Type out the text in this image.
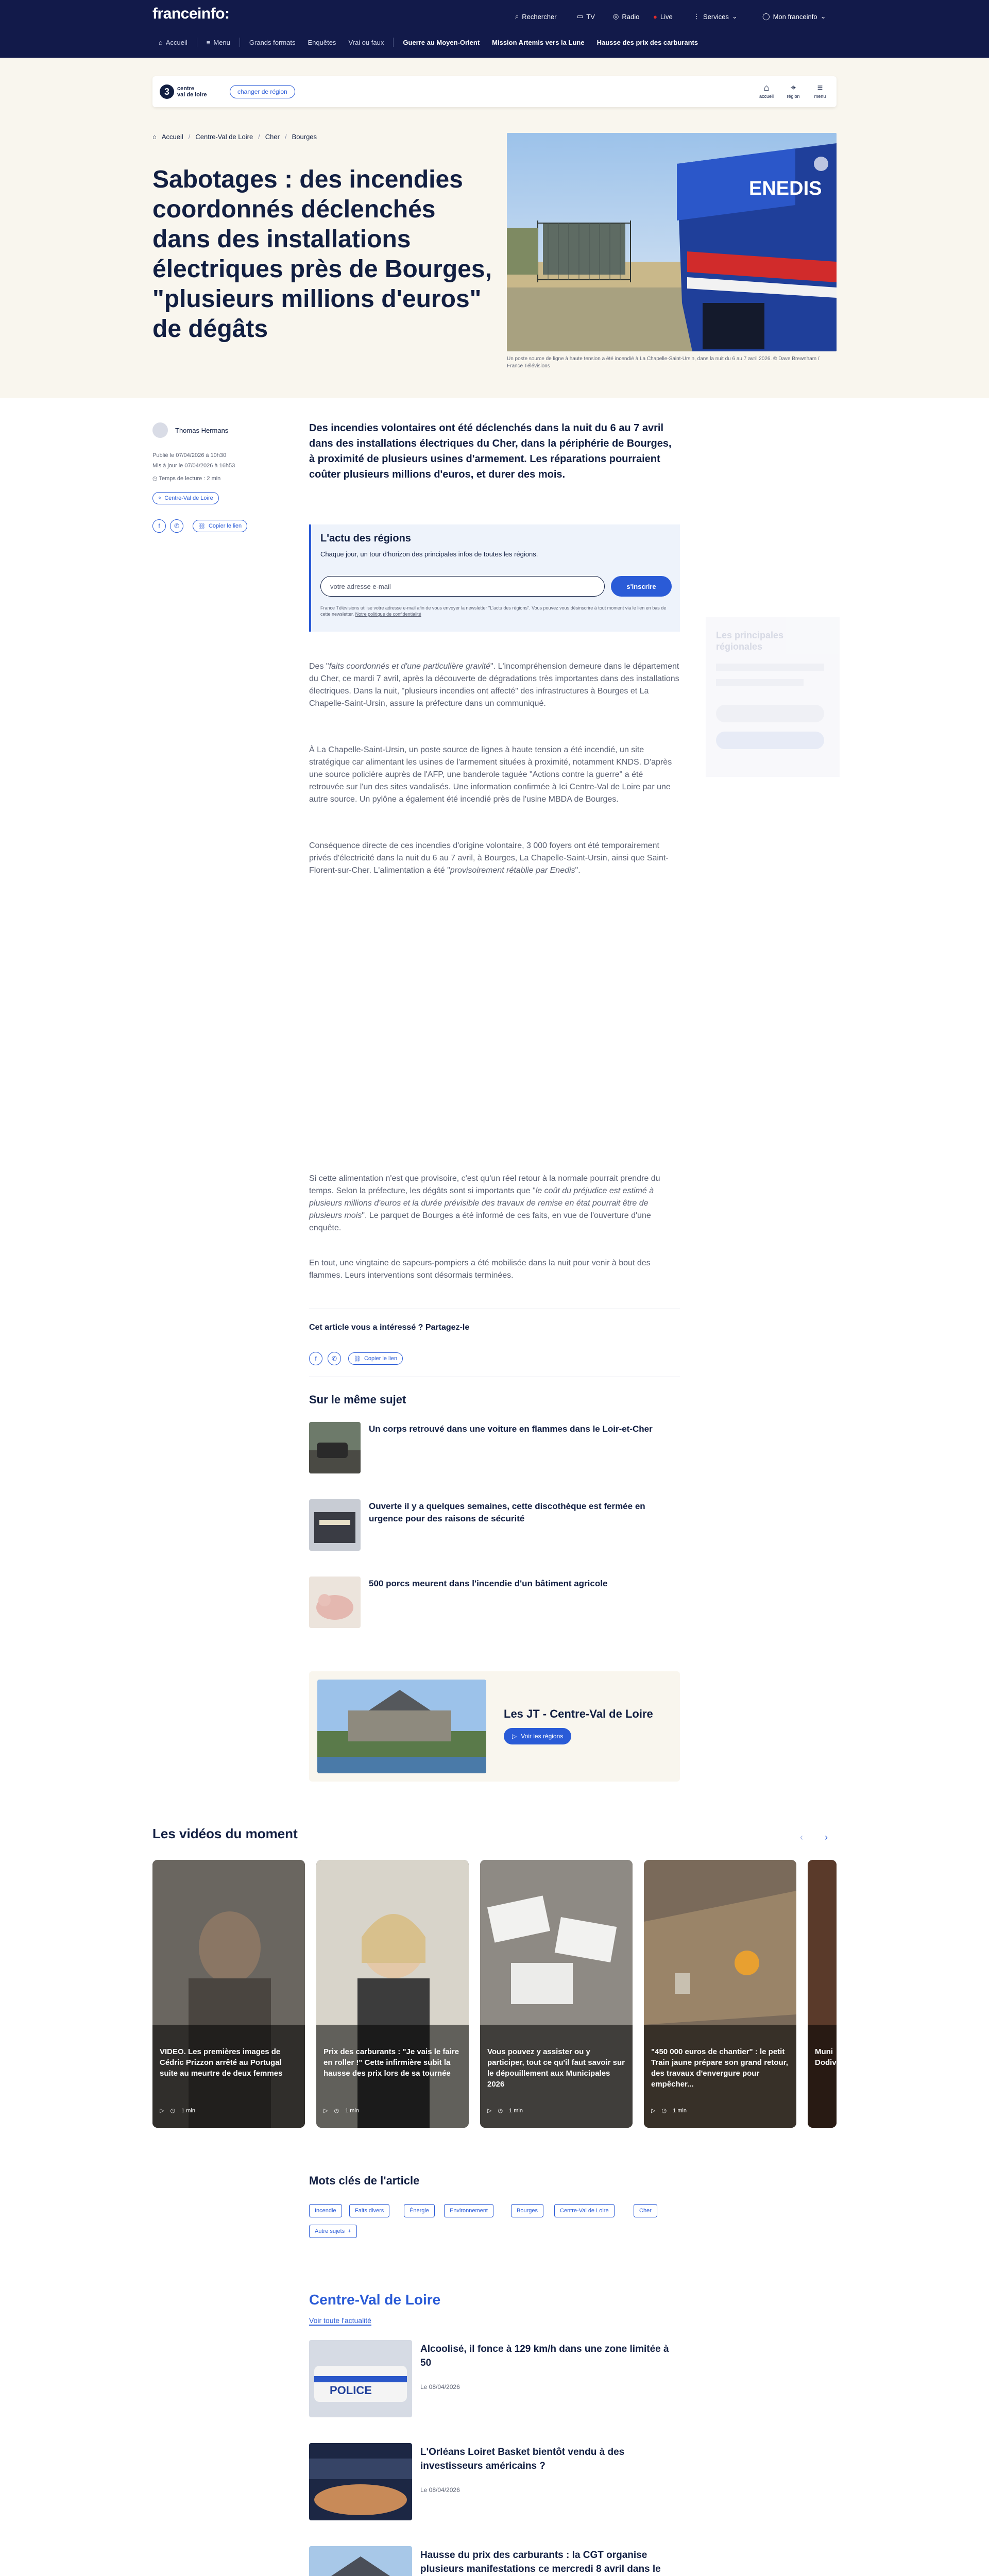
franceinfo:	⌕ Rechercher	▭ TV	◎ Radio ● Live	⋮ Services ⌄	◯ Mon franceinfo ⌄
⌂ Accueil	≡ Menu	Grands formats	Enquêtes	Vrai ou faux	Guerre au Moyen-Orient	Mission Artemis vers la Lune	Hausse des prix des carburants
3	centre
val de loire	changer de région	⌂
accueil
⌖
région
≡
menu
⌂ Accueil / Centre-Val de Loire / Cher / Bourges
Sabotages : des incendies coordonnés déclenchés dans des installations électriques près de Bourges, "plusieurs millions d'euros" de dégâts
ENEDIS
Un poste source de ligne à haute tension a été incendié à La Chapelle-Saint-Ursin, dans la nuit du 6 au 7 avril 2026. © Dave Brewnham / France Télévisions
Thomas Hermans
Publié le 07/04/2026 à 10h30
Mis à jour le 07/04/2026 à 16h53
◷ Temps de lecture : 2 min
⌖ Centre-Val de Loire
f ✆	⛓ Copier le lien
Des incendies volontaires ont été déclenchés dans la nuit du 6 au 7 avril dans des installations électriques du Cher, dans la périphérie de Bourges, à proximité de plusieurs usines d'armement. Les réparations pourraient coûter plusieurs millions d'euros, et durer des mois.
L'actu des régions
Chaque jour, un tour d'horizon des principales infos de toutes les régions.
votre adresse e-mail	s'inscrire
France Télévisions utilise votre adresse e-mail afin de vous envoyer la newsletter "L'actu des régions". Vous pouvez vous désinscrire à tout moment via le lien en bas de cette newsletter. Notre politique de confidentialité
Les principales régionales
Des "faits coordonnés et d'une particulière gravité". L'incompréhension demeure dans le département du Cher, ce mardi 7 avril, après la découverte de dégradations très importantes dans des installations électriques. Dans la nuit, "plusieurs incendies ont affecté" des infrastructures à Bourges et La Chapelle-Saint-Ursin, assure la préfecture dans un communiqué.
À La Chapelle-Saint-Ursin, un poste source de lignes à haute tension a été incendié, un site stratégique car alimentant les usines de l'armement situées à proximité, notamment KNDS. D'après une source policière auprès de l'AFP, une banderole taguée "Actions contre la guerre" a été retrouvée sur l'un des sites vandalisés. Une information confirmée à Ici Centre-Val de Loire par une autre source. Un pylône a également été incendié près de l'usine MBDA de Bourges.
Conséquence directe de ces incendies d'origine volontaire, 3 000 foyers ont été temporairement privés d'électricité dans la nuit du 6 au 7 avril, à Bourges, La Chapelle-Saint-Ursin, ainsi que Saint-Florent-sur-Cher. L'alimentation a été "provisoirement rétablie par Enedis".
Si cette alimentation n'est que provisoire, c'est qu'un réel retour à la normale pourrait prendre du temps. Selon la préfecture, les dégâts sont si importants que "le coût du préjudice est estimé à plusieurs millions d'euros et la durée prévisible des travaux de remise en état pourrait être de plusieurs mois". Le parquet de Bourges a été informé de ces faits, en vue de l'ouverture d'une enquête.
En tout, une vingtaine de sapeurs-pompiers a été mobilisée dans la nuit pour venir à bout des flammes. Leurs interventions sont désormais terminées.
Cet article vous a intéressé ? Partagez-le
f ✆	⛓ Copier le lien
Sur le même sujet
Un corps retrouvé dans une voiture en flammes dans le Loir-et-Cher
Ouverte il y a quelques semaines, cette discothèque est fermée en urgence pour des raisons de sécurité
500 porcs meurent dans l'incendie d'un bâtiment agricole
Les JT - Centre-Val de Loire
▷ Voir les régions
Les vidéos du moment	‹	›
VIDEO. Les premières images de Cédric Prizzon arrêté au Portugal suite au meurtre de deux femmes
▷ ◷ 1 min
Prix des carburants : "Je vais le faire en roller !" Cette infirmière subit la hausse des prix lors de sa tournée
▷ ◷ 1 min
Vous pouvez y assister ou y participer, tout ce qu'il faut savoir sur le dépouillement aux Municipales 2026
▷ ◷ 1 min
"450 000 euros de chantier" : le petit Train jaune prépare son grand retour, des travaux d'envergure pour empêcher...
▷ ◷ 1 min
Muni Dodiv
Mots clés de l'article
Incendie	Faits divers	Énergie	Environnement	Bourges	Centre-Val de Loire	Cher
Autre sujets +
Centre-Val de Loire
Voir toute l'actualité
POLICE
Alcoolisé, il fonce à 129 km/h dans une zone limitée à 50
Le 08/04/2026
L'Orléans Loiret Basket bientôt vendu à des investisseurs américains ?
Le 08/04/2026
Hausse du prix des carburants : la CGT organise plusieurs manifestations ce mercredi 8 avril dans le
